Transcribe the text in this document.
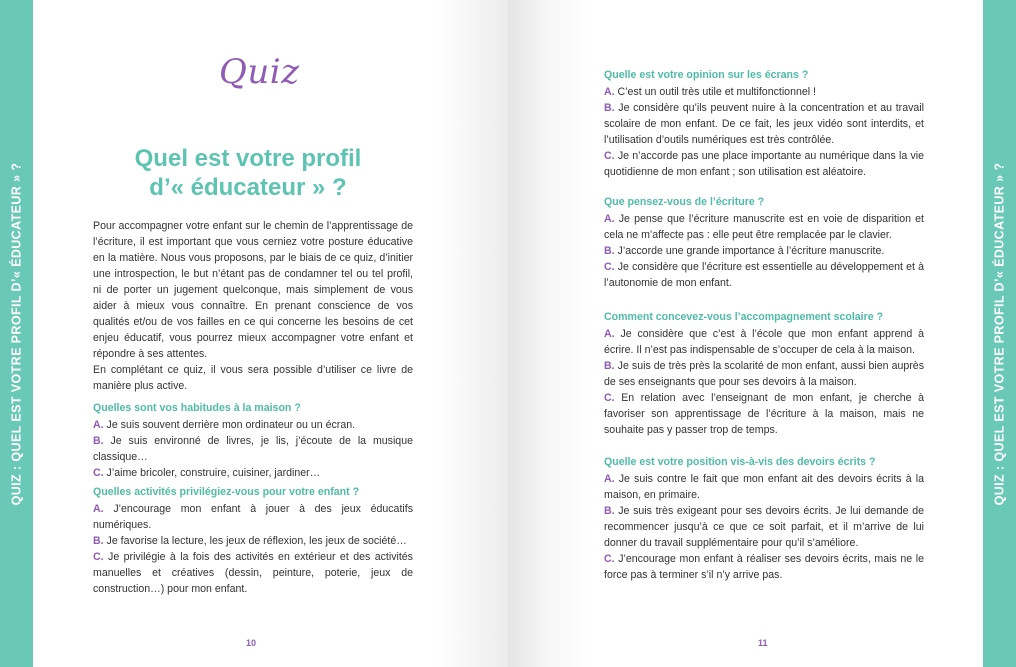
QUIZ : QUEL EST VOTRE PROFIL D’« ÉDUCATEUR » ?
Quiz
Quel est votre profil
d’« éducateur » ?

Pour accompagner votre enfant sur le chemin de l’apprentissage de l’écriture, il est important que vous cerniez votre posture éducative en la matière. Nous vous proposons, par le biais de ce quiz, d’initier une introspection, le but n’étant pas de condamner tel ou tel profil, ni de porter un jugement quelconque, mais simplement de vous aider à mieux vous connaître. En prenant conscience de vos qualités et/ou de vos failles en ce qui concerne les besoins de cet enjeu éducatif, vous pourrez mieux accompagner votre enfant et répondre à ses attentes.

En complétant ce quiz, il vous sera possible d’utiliser ce livre de manière plus active.

Quelles sont vos habitudes à la maison ?

A. Je suis souvent derrière mon ordinateur ou un écran.

B. Je suis environné de livres, je lis, j’écoute de la musique classique…

C. J’aime bricoler, construire, cuisiner, jardiner…

Quelles activités privilégiez-vous pour votre enfant ?

A. J’encourage mon enfant à jouer à des jeux éducatifs numériques.

B. Je favorise la lecture, les jeux de réflexion, les jeux de société…

C. Je privilégie à la fois des activités en extérieur et des activités manuelles et créatives (dessin, peinture, poterie, jeux de construction…) pour mon enfant.

10
Quelle est votre opinion sur les écrans ?

A. C’est un outil très utile et multifonctionnel !

B. Je considère qu’ils peuvent nuire à la concentration et au travail scolaire de mon enfant. De ce fait, les jeux vidéo sont interdits, et l’utilisation d’outils numériques est très contrôlée.

C. Je n’accorde pas une place importante au numérique dans la vie quotidienne de mon enfant ; son utilisation est aléatoire.

Que pensez-vous de l’écriture ?

A. Je pense que l’écriture manuscrite est en voie de disparition et cela ne m’affecte pas : elle peut être remplacée par le clavier.

B. J’accorde une grande importance à l’écriture manuscrite.

C. Je considère que l’écriture est essentielle au développement et à l’autonomie de mon enfant.

Comment concevez-vous l’accompagnement scolaire ?

A. Je considère que c’est à l’école que mon enfant apprend à écrire. Il n’est pas indispensable de s’occuper de cela à la maison.

B. Je suis de très près la scolarité de mon enfant, aussi bien auprès de ses enseignants que pour ses devoirs à la maison.

C. En relation avec l’enseignant de mon enfant, je cherche à favoriser son apprentissage de l’écriture à la maison, mais ne souhaite pas y passer trop de temps.

Quelle est votre position vis-à-vis des devoirs écrits ?

A. Je suis contre le fait que mon enfant ait des devoirs écrits à la maison, en primaire.

B. Je suis très exigeant pour ses devoirs écrits. Je lui demande de recommencer jusqu’à ce que ce soit parfait, et il m’arrive de lui donner du travail supplémentaire pour qu’il s’améliore.

C. J’encourage mon enfant à réaliser ses devoirs écrits, mais ne le force pas à terminer s’il n’y arrive pas.

11
QUIZ : QUEL EST VOTRE PROFIL D’« ÉDUCATEUR » ?
